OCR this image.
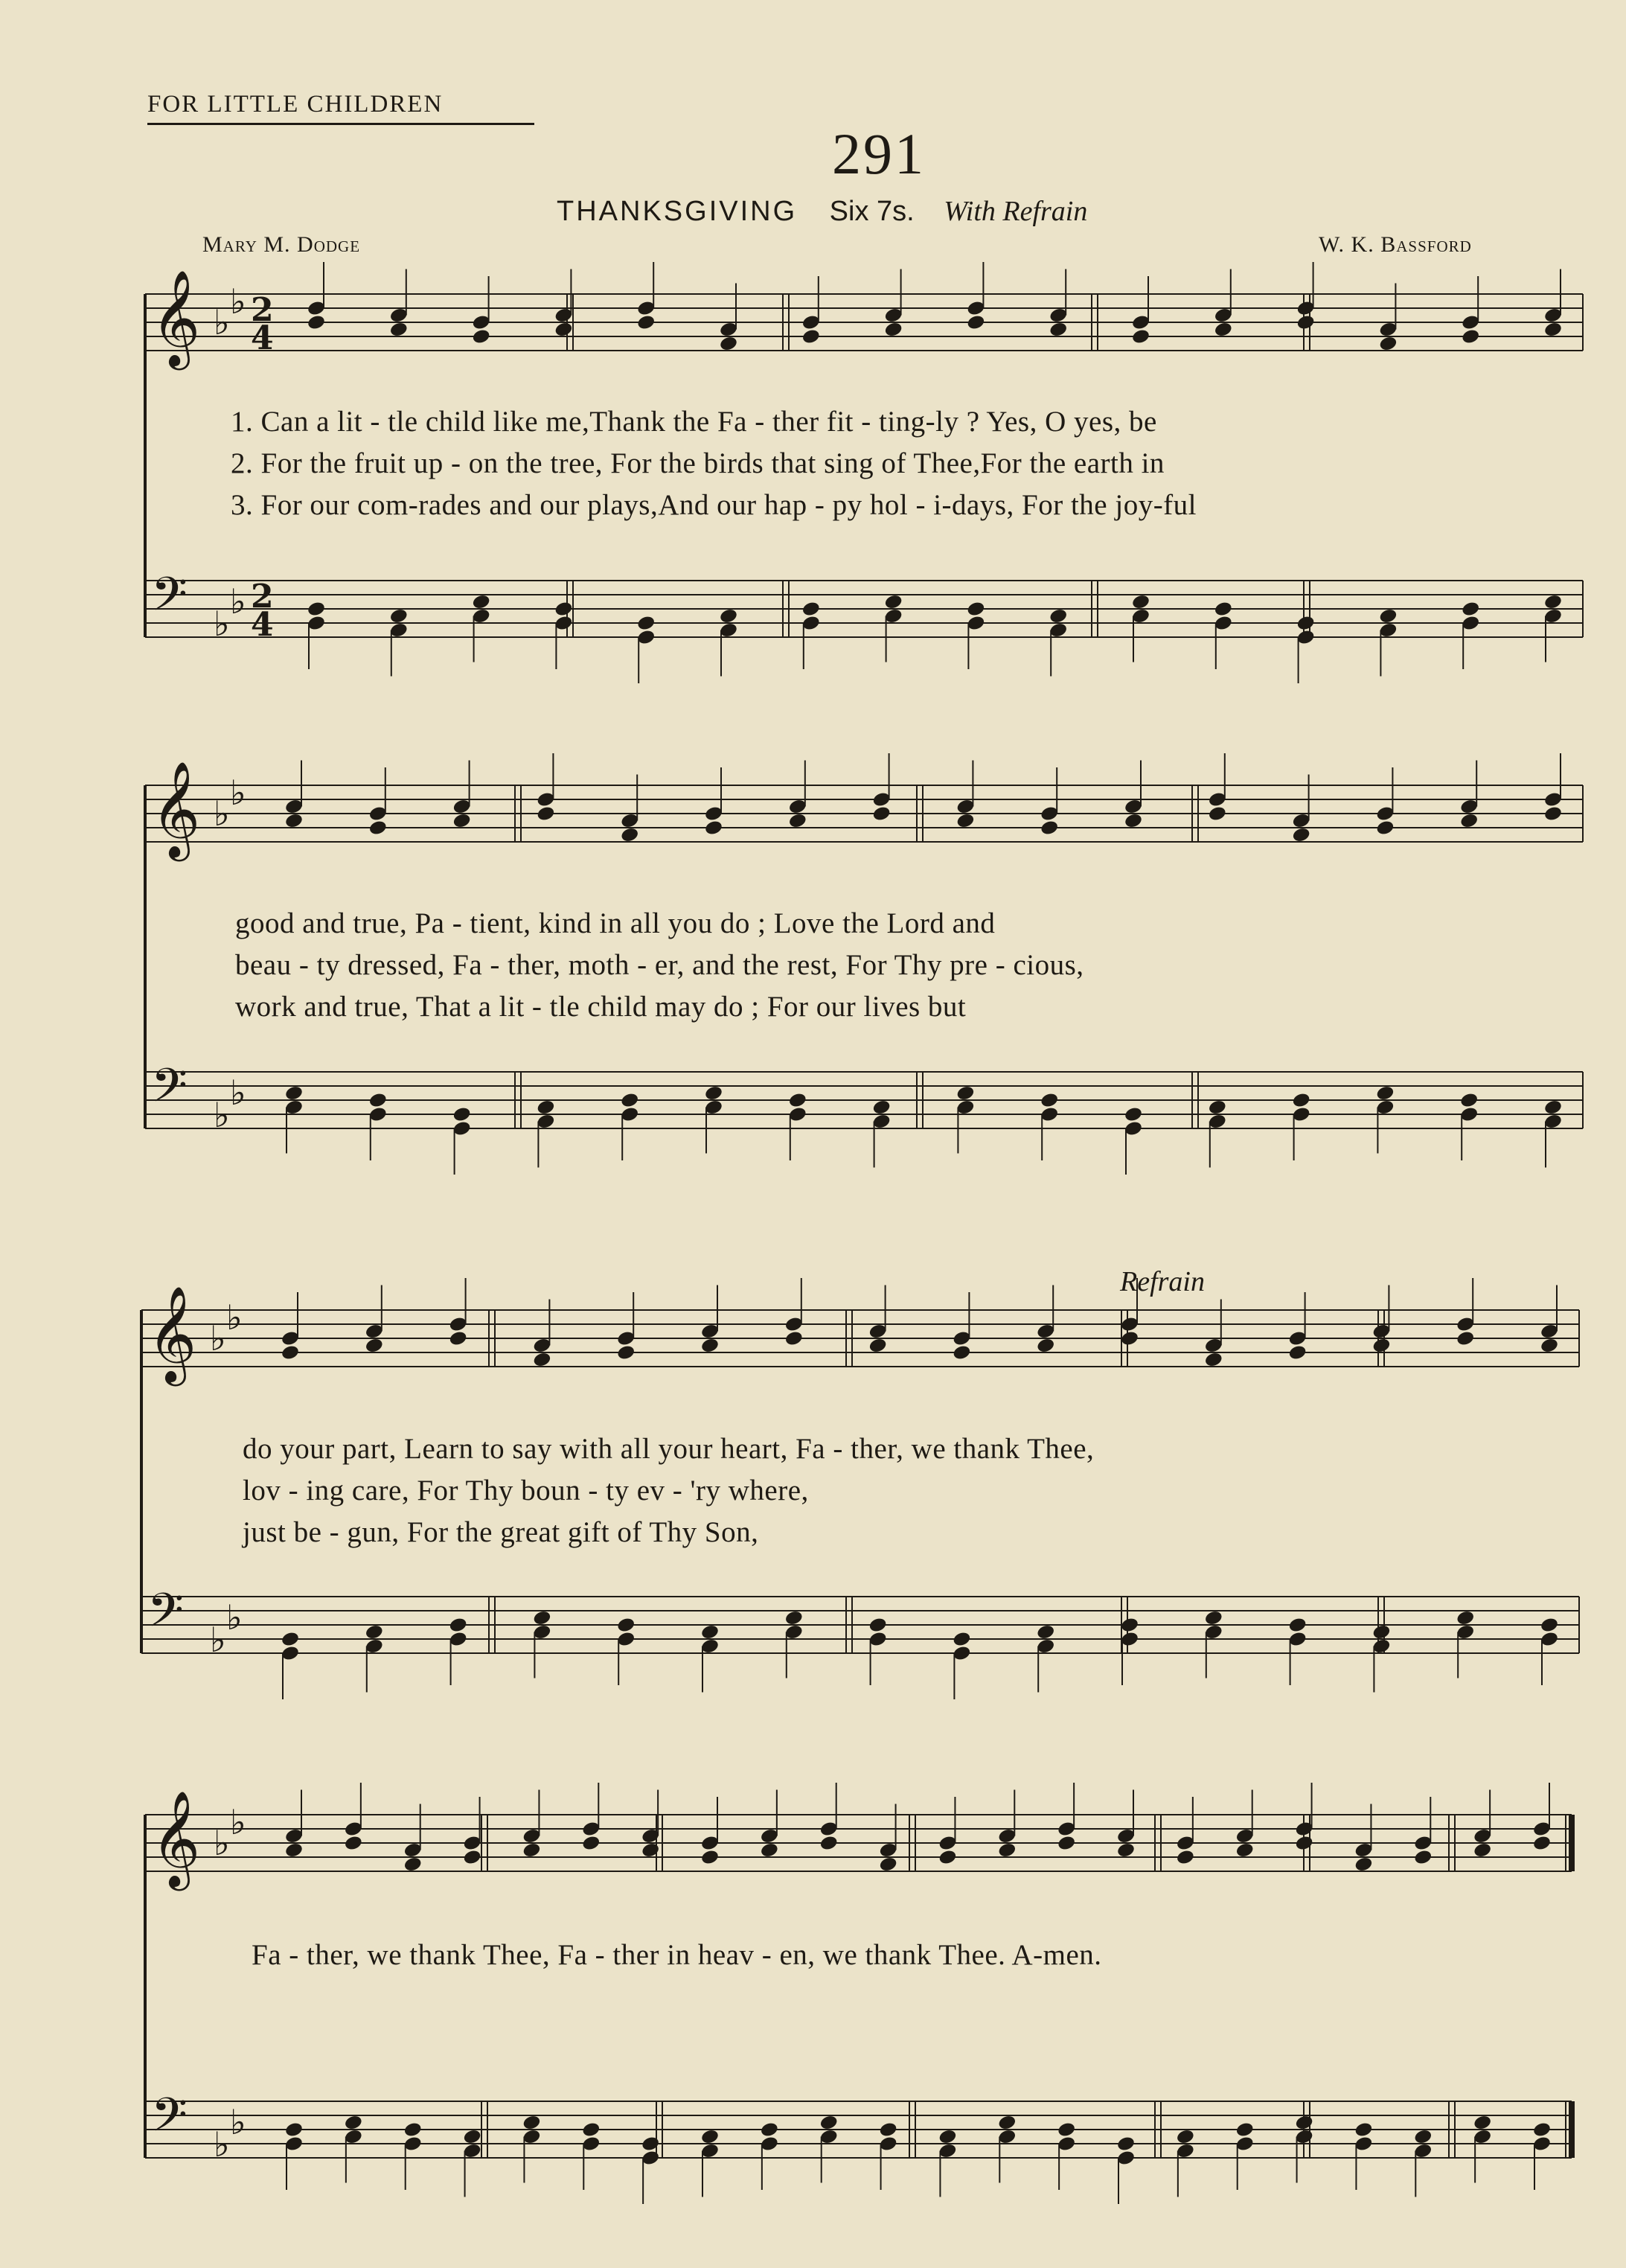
FOR LITTLE CHILDREN
291
THANKSGIVING Six 7s. With Refrain
Mary M. Dodge	W. K. Bassford
Refrain
𝄞 ♭
♭ 2
4
𝄢 ♭
♭ 2
4
𝄞 ♭
♭
𝄢 ♭
♭
𝄞 ♭
♭
𝄢 ♭
♭
𝄞 ♭
♭
𝄢 ♭
♭
1. Can a lit - tle child like me,Thank the Fa - ther fit - ting-ly ? Yes, O yes, be
2. For the fruit up - on the tree, For the birds that sing of Thee,For the earth in
3. For our com-rades and our plays,And our hap - py hol - i-days, For the joy-ful
good and true, Pa - tient, kind in all you do ; Love the Lord and
beau - ty dressed, Fa - ther, moth - er, and the rest, For Thy pre - cious,
work and true, That a lit - tle child may do ; For our lives but
do your part, Learn to say with all your heart, Fa - ther, we thank Thee,
lov - ing care, For Thy boun - ty ev - 'ry where,
just be - gun, For the great gift of Thy Son,
Fa - ther, we thank Thee, Fa - ther in heav - en, we thank Thee. A-men.
